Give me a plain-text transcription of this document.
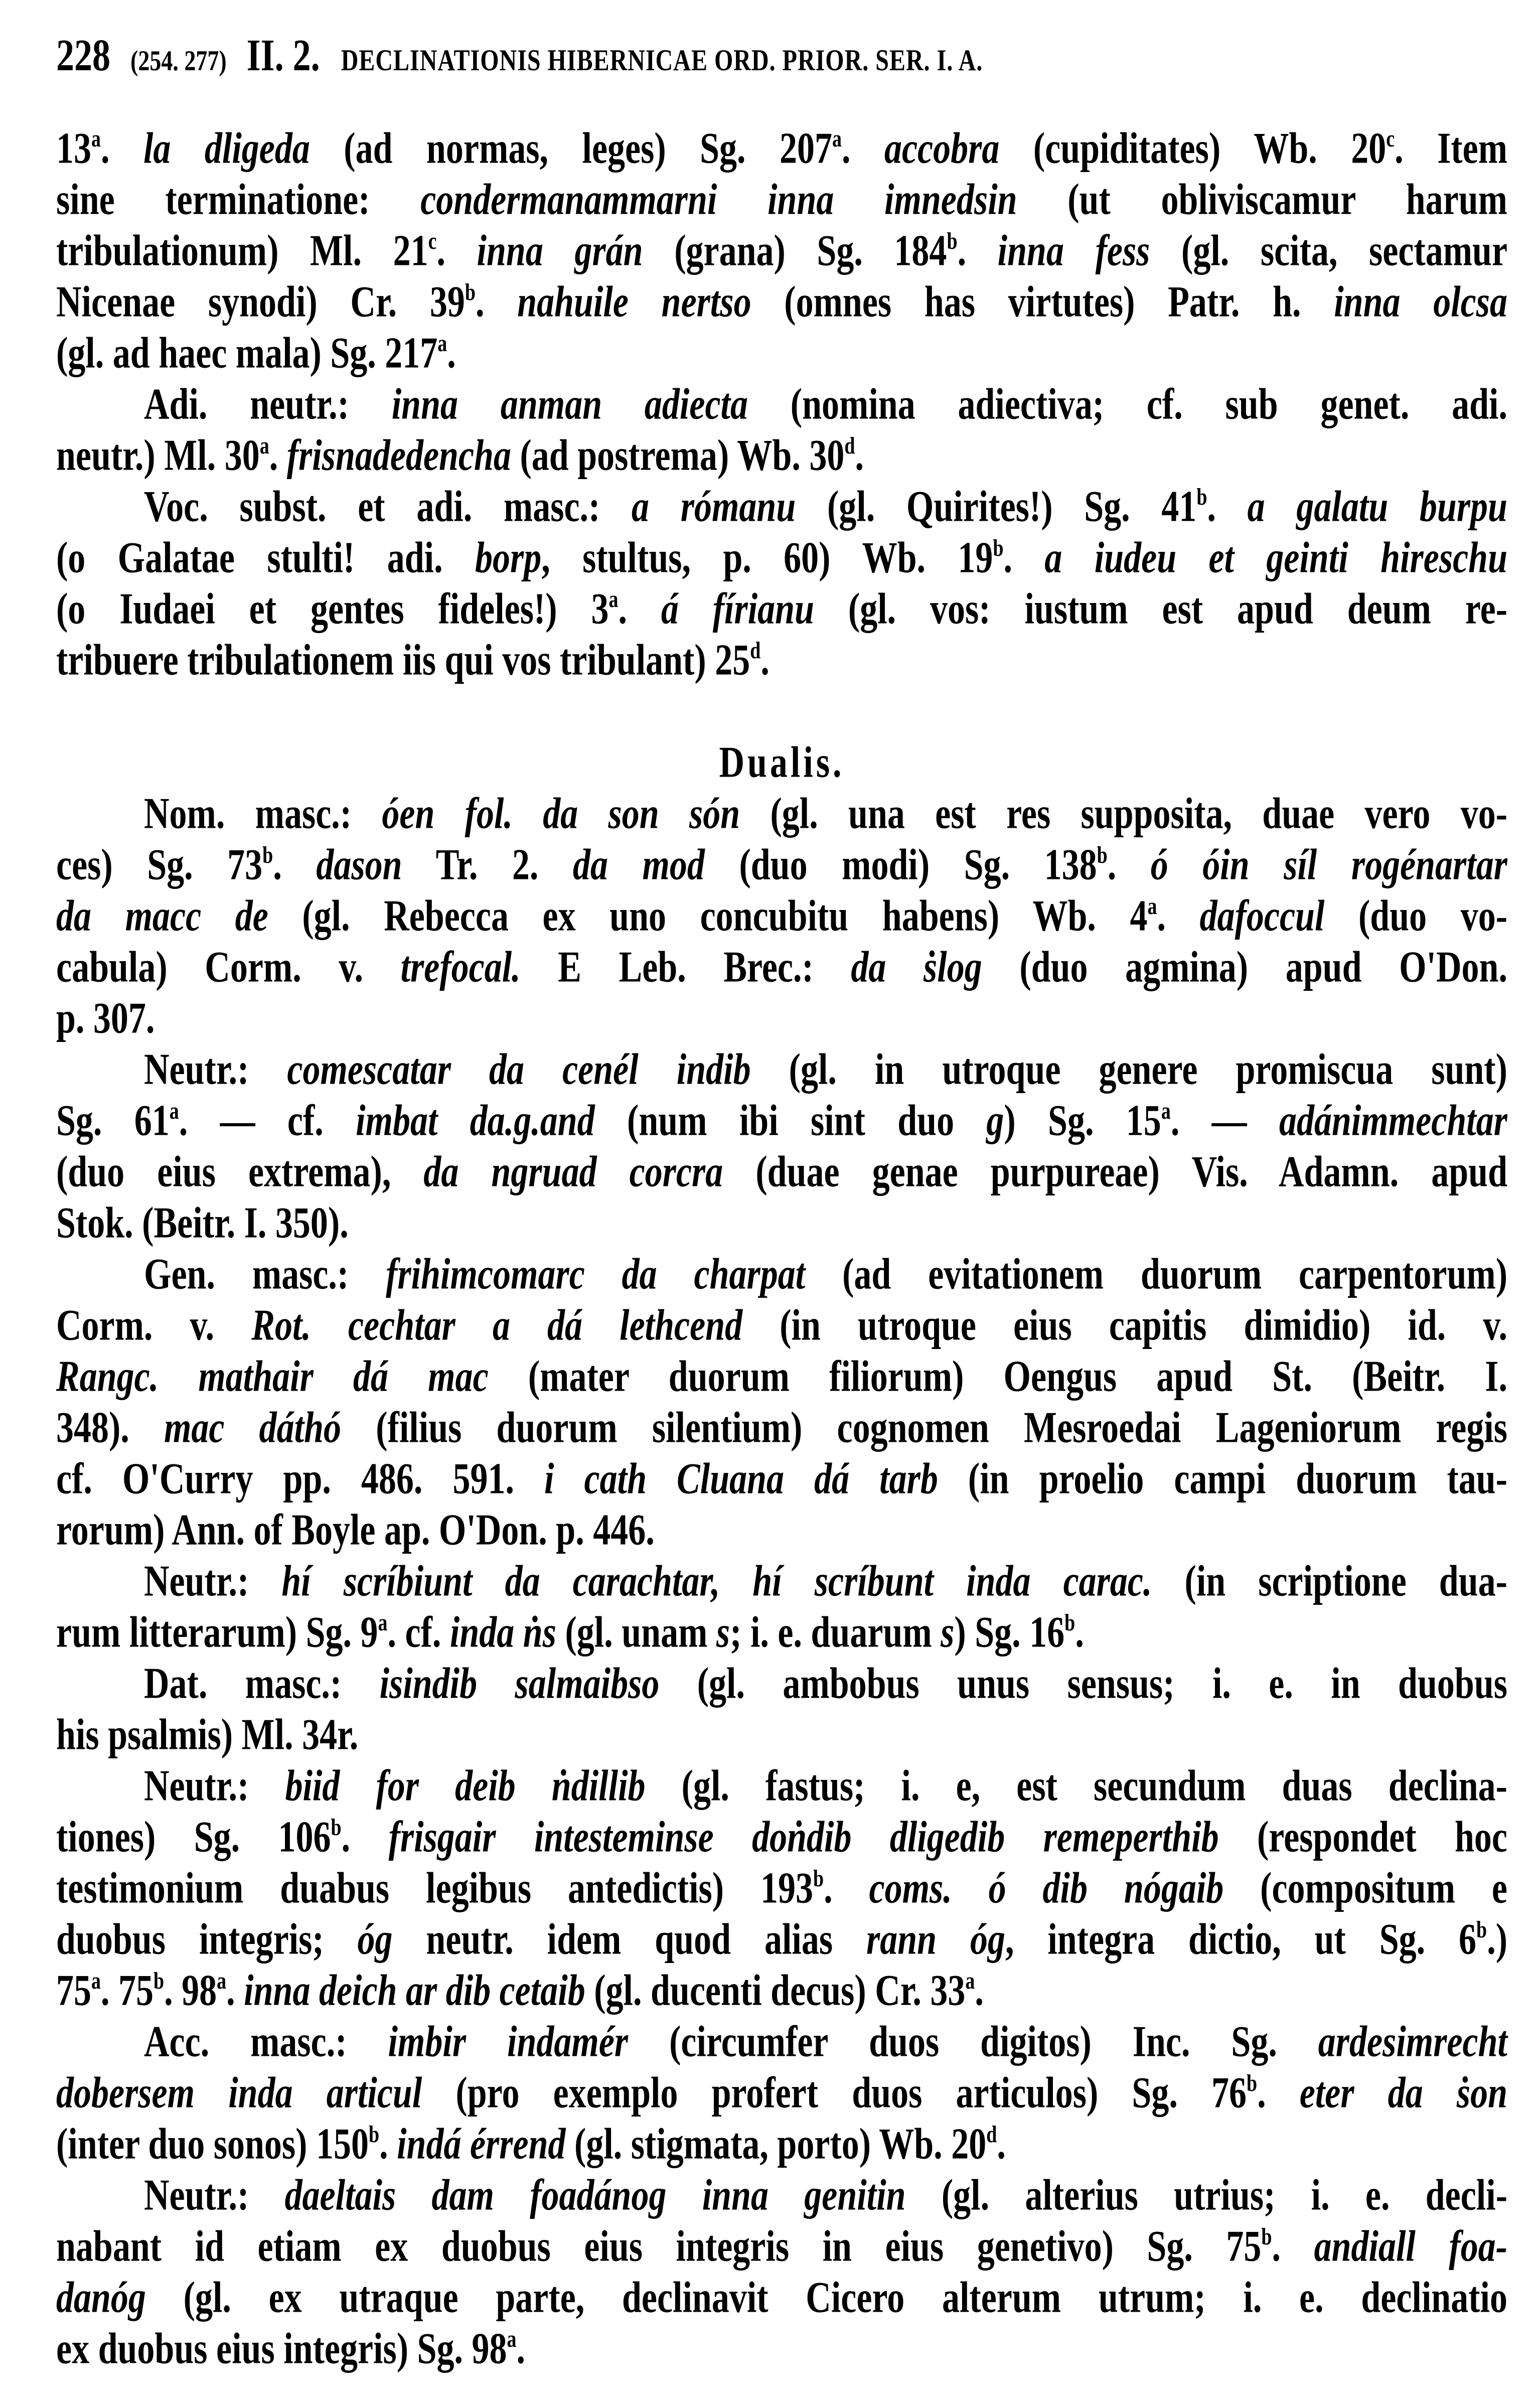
228 (254. 277) II. 2. DECLINATIONIS HIBERNICAE ORD. PRIOR. SER. I. A.
13$^a$. la dligeda (ad normas, leges) Sg. 207$^a$. accobra (cupiditates) Wb. 20$^c$. Item
sine terminatione: condermanammarni inna imnedsin (ut obliviscamur harum
tribulationum) Ml. 21$^c$. inna grán (grana) Sg. 184$^b$. inna fess (gl. scita, sectamur
Nicenae synodi) Cr. 39$^b$. nahuile nertso (omnes has virtutes) Patr. h. inna olcsa
(gl. ad haec mala) Sg. 217$^a$.
Adi. neutr.: inna anman adiecta (nomina adiectiva; cf. sub genet. adi.
neutr.) Ml. 30$^a$. frisnadedencha (ad postrema) Wb. 30$^d$.
Voc. subst. et adi. masc.: a rómanu (gl. Quirites!) Sg. 41$^b$. a galatu burpu
(o Galatae stulti! adi. borp, stultus, p. 60) Wb. 19$^b$. a iudeu et geinti hireschu
(o Iudaei et gentes fideles!) 3$^a$. á fírianu (gl. vos: iustum est apud deum re-
tribuere tribulationem iis qui vos tribulant) 25$^d$.
Dualis.
Nom. masc.: óen fol. da son són (gl. una est res supposita, duae vero vo-
ces) Sg. 73$^b$. dason Tr. 2. da mod (duo modi) Sg. 138$^b$. ó óin síl rogénartar
da macc de (gl. Rebecca ex uno concubitu habens) Wb. 4$^a$. dafoccul (duo vo-
cabula) Corm. v. trefocal. E Leb. Brec.: da ṡlog (duo agmina) apud O'Don.
p. 307.
Neutr.: comescatar da cenél indib (gl. in utroque genere promiscua sunt)
Sg. 61$^a$. — cf. imbat da.g.and (num ibi sint duo g) Sg. 15$^a$. — adánimmechtar
(duo eius extrema), da ngruad corcra (duae genae purpureae) Vis. Adamn. apud
Stok. (Beitr. I. 350).
Gen. masc.: frihimcomarc da charpat (ad evitationem duorum carpentorum)
Corm. v. Rot. cechtar a dá lethcend (in utroque eius capitis dimidio) id. v.
Rangc. mathair dá mac (mater duorum filiorum) Oengus apud St. (Beitr. I.
348). mac dáthó (filius duorum silentium) cognomen Mesroedai Lageniorum regis
cf. O'Curry pp. 486. 591. i cath Cluana dá tarb (in proelio campi duorum tau-
rorum) Ann. of Boyle ap. O'Don. p. 446.
Neutr.: hí scríbiunt da carachtar, hí scríbunt inda carac. (in scriptione dua-
rum litterarum) Sg. 9$^a$. cf. inda ṅs (gl. unam s; i. e. duarum s) Sg. 16$^b$.
Dat. masc.: isindib salmaibso (gl. ambobus unus sensus; i. e. in duobus
his psalmis) Ml. 34r.
Neutr.: biid for deib ṅdillib (gl. fastus; i. e, est secundum duas declina-
tiones) Sg. 106$^b$. frisgair intesteminse doṅdib dligedib remeperthib (respondet hoc
testimonium duabus legibus antedictis) 193$^b$. coms. ó dib nógaib (compositum e
duobus integris; óg neutr. idem quod alias rann óg, integra dictio, ut Sg. 6$^b$.)
75$^a$. 75$^b$. 98$^a$. inna deich ar dib cetaib (gl. ducenti decus) Cr. 33$^a$.
Acc. masc.: imbir indamér (circumfer duos digitos) Inc. Sg. ardesimrecht
dobersem inda articul (pro exemplo profert duos articulos) Sg. 76$^b$. eter da ṡon
(inter duo sonos) 150$^b$. indá érrend (gl. stigmata, porto) Wb. 20$^d$.
Neutr.: daeltais dam foadánog inna genitin (gl. alterius utrius; i. e. decli-
nabant id etiam ex duobus eius integris in eius genetivo) Sg. 75$^b$. andiall foa-
danóg (gl. ex utraque parte, declinavit Cicero alterum utrum; i. e. declinatio
ex duobus eius integris) Sg. 98$^a$.
